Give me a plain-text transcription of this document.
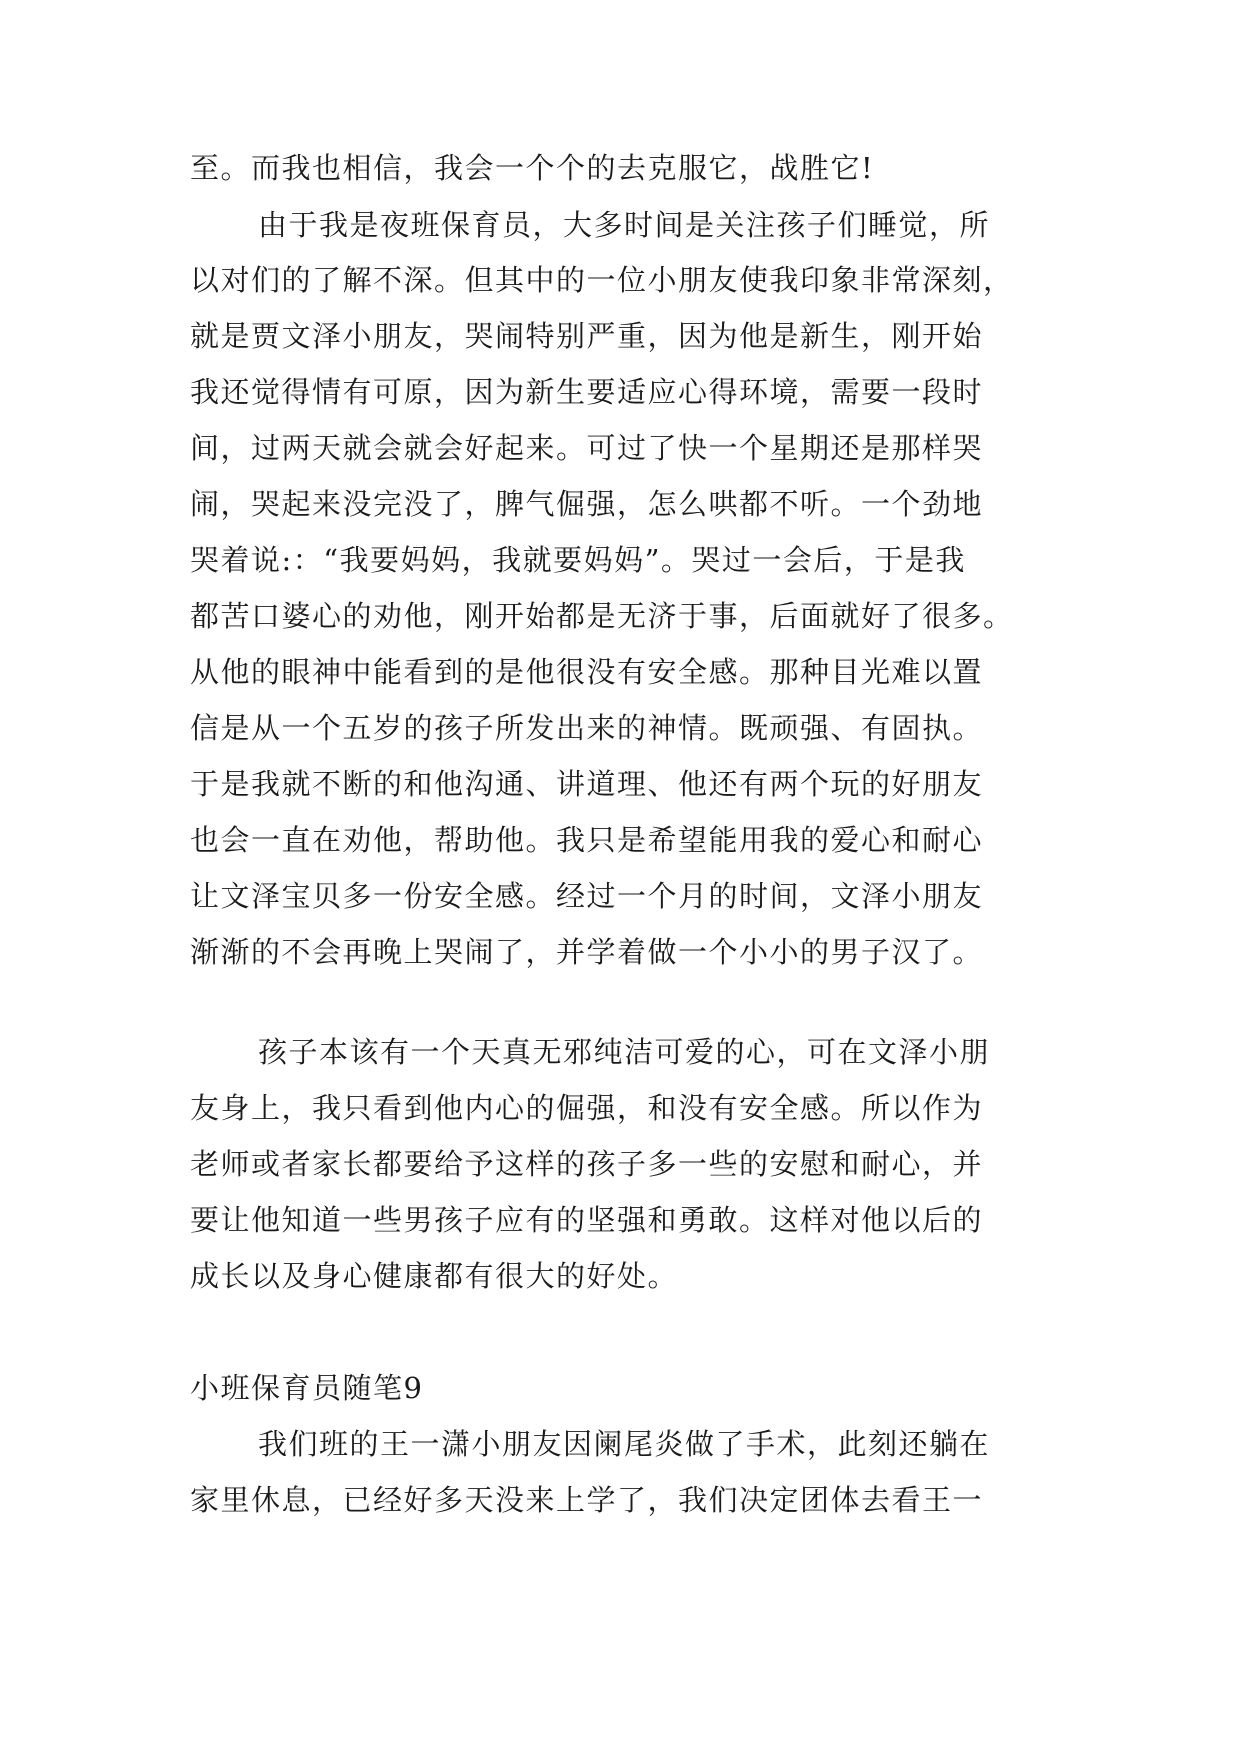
至。而我也相信，我会一个个的去克服它，战胜它!
由于我是夜班保育员，大多时间是关注孩子们睡觉，所
以对们的了解不深。但其中的一位小朋友使我印象非常深刻，
就是贾文泽小朋友，哭闹特别严重，因为他是新生，刚开始
我还觉得情有可原，因为新生要适应心得环境，需要一段时
间，过两天就会就会好起来。可过了快一个星期还是那样哭
闹，哭起来没完没了，脾气倔强，怎么哄都不听。一个劲地
哭着说:：“我要妈妈，我就要妈妈”。哭过一会后，于是我
都苦口婆心的劝他，刚开始都是无济于事，后面就好了很多。
从他的眼神中能看到的是他很没有安全感。那种目光难以置
信是从一个五岁的孩子所发出来的神情。既顽强、有固执。
于是我就不断的和他沟通、讲道理、他还有两个玩的好朋友
也会一直在劝他，帮助他。我只是希望能用我的爱心和耐心
让文泽宝贝多一份安全感。经过一个月的时间，文泽小朋友
渐渐的不会再晚上哭闹了，并学着做一个小小的男子汉了。
孩子本该有一个天真无邪纯洁可爱的心，可在文泽小朋
友身上，我只看到他内心的倔强，和没有安全感。所以作为
老师或者家长都要给予这样的孩子多一些的安慰和耐心，并
要让他知道一些男孩子应有的坚强和勇敢。这样对他以后的
成长以及身心健康都有很大的好处。
小班保育员随笔9
我们班的王一潇小朋友因阑尾炎做了手术，此刻还躺在
家里休息，已经好多天没来上学了，我们决定团体去看王一
